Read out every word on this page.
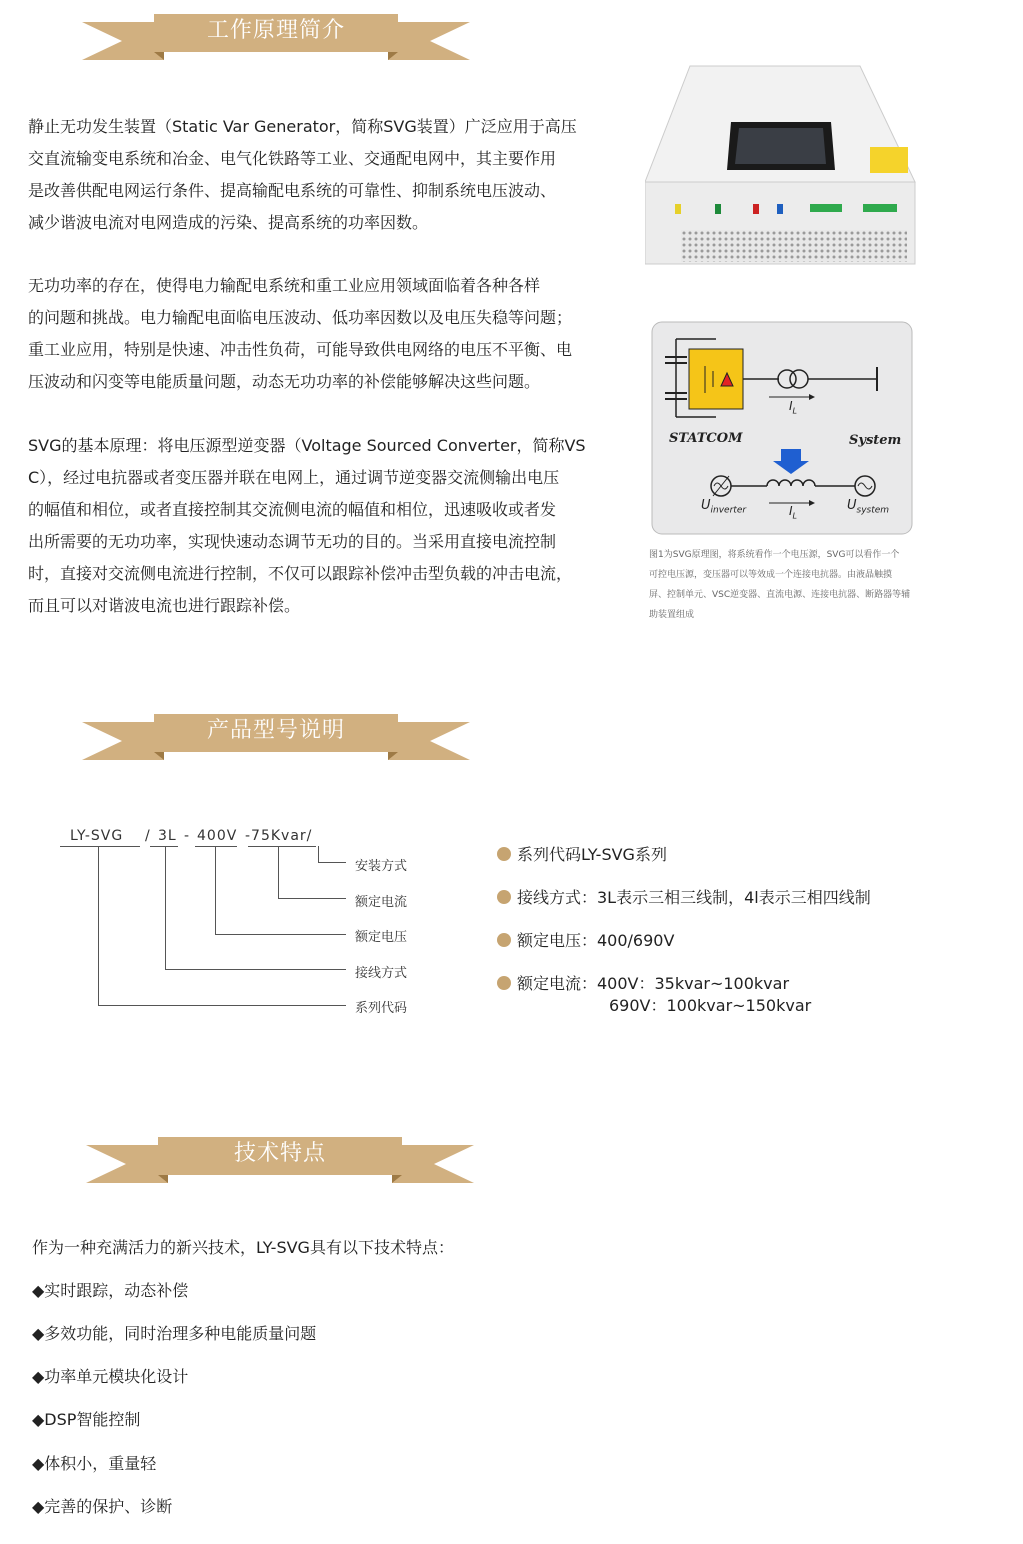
工作原理简介
静止无功发生装置（Static Var Generator，简称SVG装置）广泛应用于高压
交直流输变电系统和冶金、电气化铁路等工业、交通配电网中，其主要作用
是改善供配电网运行条件、提高输配电系统的可靠性、抑制系统电压波动、
减少谐波电流对电网造成的污染、提高系统的功率因数。
无功功率的存在，使得电力输配电系统和重工业应用领域面临着各种各样
的问题和挑战。电力输配电面临电压波动、低功率因数以及电压失稳等问题；
重工业应用，特别是快速、冲击性负荷，可能导致供电网络的电压不平衡、电
压波动和闪变等电能质量问题，动态无功功率的补偿能够解决这些问题。
SVG的基本原理：将电压源型逆变器（Voltage Sourced Converter，简称VS
C），经过电抗器或者变压器并联在电网上，通过调节逆变器交流侧输出电压
的幅值和相位，或者直接控制其交流侧电流的幅值和相位，迅速吸收或者发
出所需要的无功功率，实现快速动态调节无功的目的。当采用直接电流控制
时，直接对交流侧电流进行控制，不仅可以跟踪补偿冲击型负载的冲击电流，
而且可以对谐波电流也进行跟踪补偿。
STATCOM	System
$I_L$
$I_L$
$U_{inverter}$	$U_{system}$
图1为SVG原理图，将系统看作一个电压源，SVG可以看作一个
可控电压源，变压器可以等效成一个连接电抗器。由液晶触摸
屏、控制单元、VSC逆变器、直流电源、连接电抗器、断路器等辅
助装置组成
产品型号说明
LY-SVG / 3L - 400V -75Kvar/
安装方式
额定电流
额定电压
接线方式
系列代码
系列代码LY-SVG系列
接线方式：3L表示三相三线制，4l表示三相四线制
额定电压：400/690V
额定电流：400V：35kvar~100kvar
690V：100kvar~150kvar
技术特点
作为一种充满活力的新兴技术，LY-SVG具有以下技术特点：
◆实时跟踪，动态补偿
◆多效功能，同时治理多种电能质量问题
◆功率单元模块化设计
◆DSP智能控制
◆体积小，重量轻
◆完善的保护、诊断
